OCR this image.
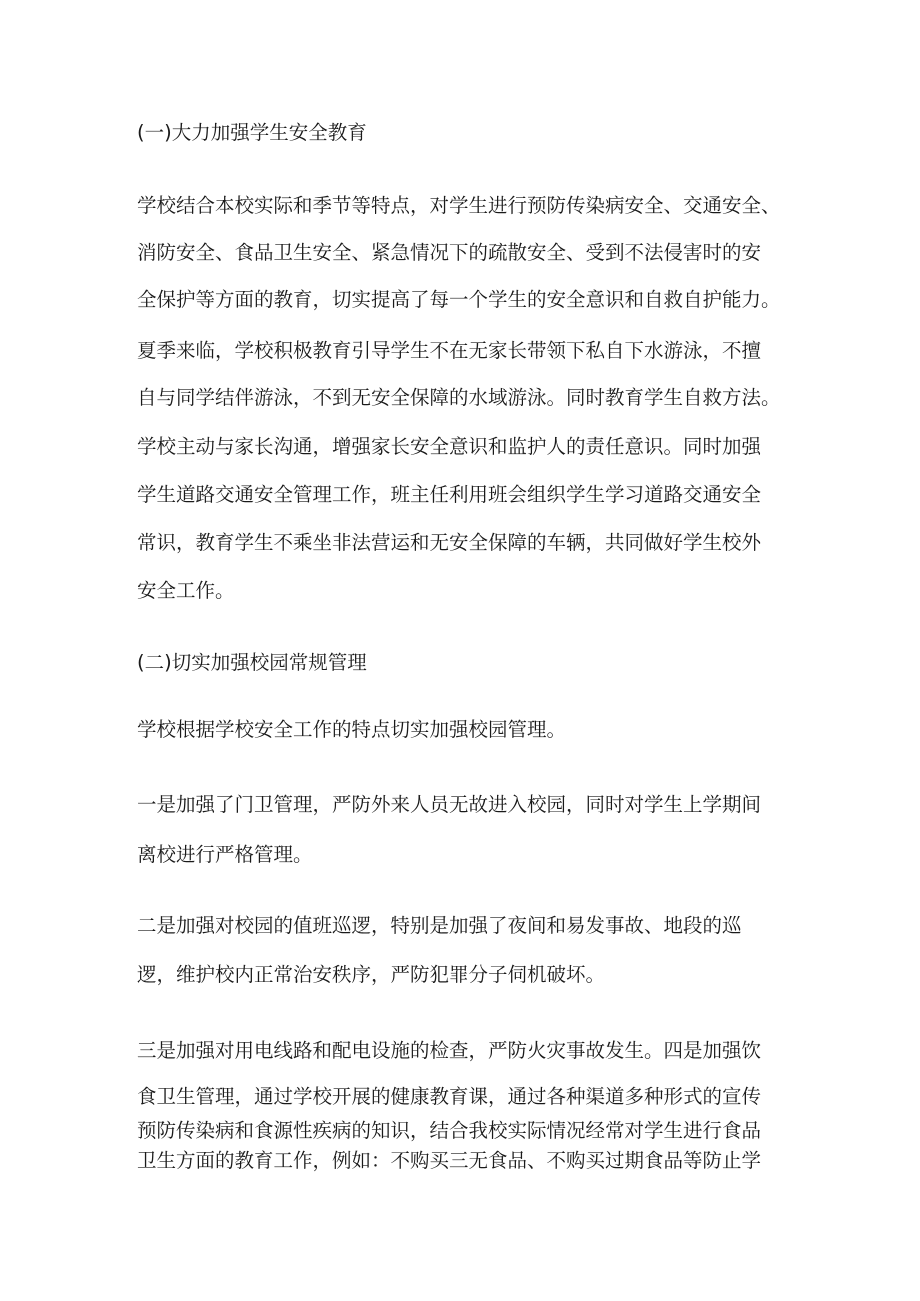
(一)大力加强学生安全教育
学校结合本校实际和季节等特点，对学生进行预防传染病安全、交通安全、
消防安全、食品卫生安全、紧急情况下的疏散安全、受到不法侵害时的安
全保护等方面的教育，切实提高了每一个学生的安全意识和自救自护能力。
夏季来临，学校积极教育引导学生不在无家长带领下私自下水游泳，不擅
自与同学结伴游泳，不到无安全保障的水域游泳。同时教育学生自救方法。
学校主动与家长沟通，增强家长安全意识和监护人的责任意识。同时加强
学生道路交通安全管理工作，班主任利用班会组织学生学习道路交通安全
常识，教育学生不乘坐非法营运和无安全保障的车辆，共同做好学生校外
安全工作。
(二)切实加强校园常规管理
学校根据学校安全工作的特点切实加强校园管理。
一是加强了门卫管理，严防外来人员无故进入校园，同时对学生上学期间
离校进行严格管理。
二是加强对校园的值班巡逻，特别是加强了夜间和易发事故、地段的巡
逻，维护校内正常治安秩序，严防犯罪分子伺机破坏。
三是加强对用电线路和配电设施的检查，严防火灾事故发生。四是加强饮
食卫生管理，通过学校开展的健康教育课，通过各种渠道多种形式的宣传
预防传染病和食源性疾病的知识，结合我校实际情况经常对学生进行食品
卫生方面的教育工作，例如：不购买三无食品、不购买过期食品等防止学
